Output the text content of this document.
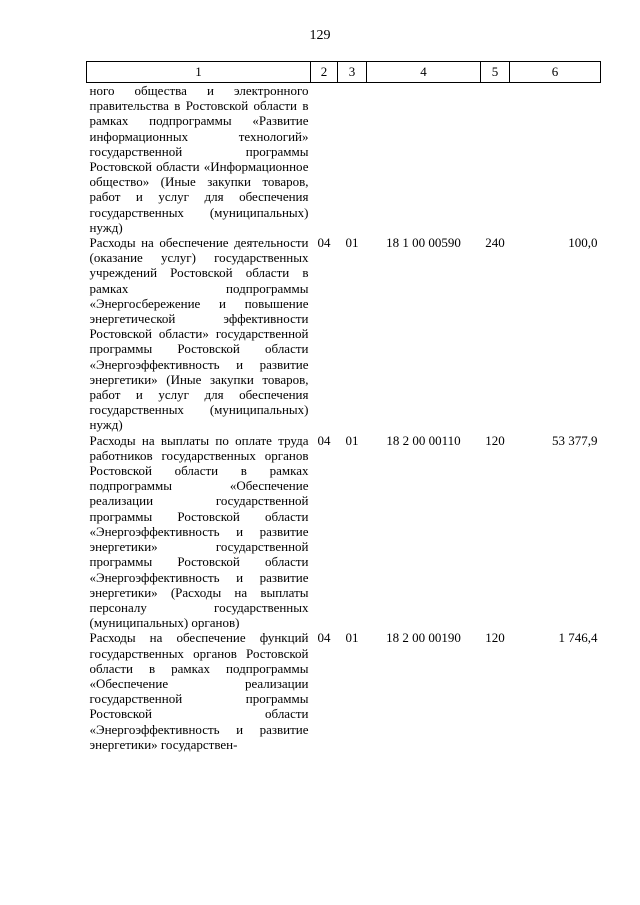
129
1	2	3	4	5	6
ного общества и электронного правительства в Ростовской области в рамках подпрограммы «Развитие информационных технологий» государственной программы Ростовской области «Информационное общество» (Иные закупки товаров, работ и услуг для обеспечения государственных (муниципальных) нужд)					
Расходы на обеспечение деятельности (оказание услуг) государственных учреждений Ростовской области в рамках подпрограммы «Энергосбережение и повышение энергетической эффективности Ростовской области» государственной программы Ростовской области «Энергоэффективность и развитие энергетики» (Иные закупки товаров, работ и услуг для обеспечения государственных (муниципальных) нужд)	04	01	18 1 00 00590	240	100,0
Расходы на выплаты по оплате труда работников государственных органов Ростовской области в рамках подпрограммы «Обеспечение реализации государственной программы Ростовской области «Энергоэффективность и развитие энергетики» государственной программы Ростовской области «Энергоэффективность и развитие энергетики» (Расходы на выплаты персоналу государственных (муниципальных) органов)	04	01	18 2 00 00110	120	53 377,9
Расходы на обеспечение функций государственных органов Ростовской области в рамках подпрограммы «Обеспечение реализации государственной программы Ростовской области «Энергоэффективность и развитие энергетики» государствен-	04	01	18 2 00 00190	120	1 746,4
